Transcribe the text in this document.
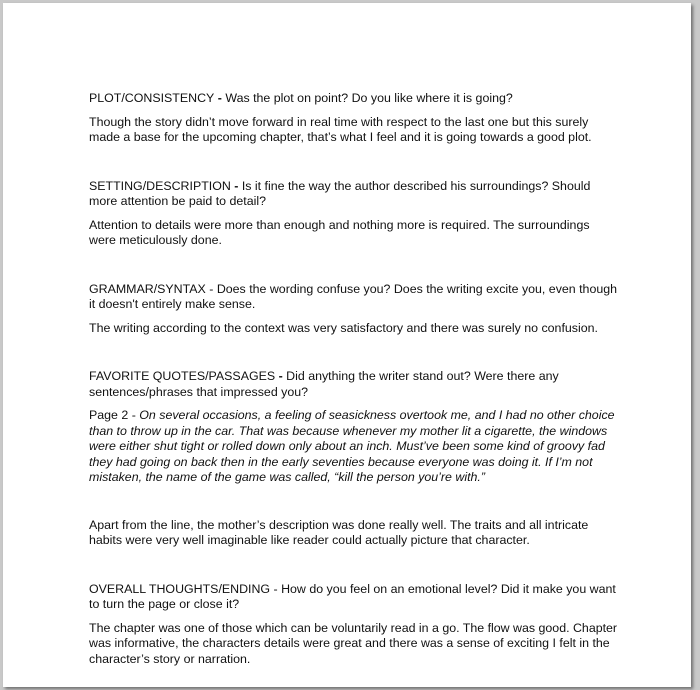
PLOT/CONSISTENCY - Was the plot on point? Do you like where it is going?

Though the story didn’t move forward in real time with respect to the last one but this surely made a base for the upcoming chapter, that’s what I feel and it is going towards a good plot.

SETTING/DESCRIPTION - Is it fine the way the author described his surroundings? Should more attention be paid to detail?

Attention to details were more than enough and nothing more is required. The surroundings were meticulously done.

GRAMMAR/SYNTAX - Does the wording confuse you? Does the writing excite you, even though it doesn't entirely make sense.

The writing according to the context was very satisfactory and there was surely no confusion.

FAVORITE QUOTES/PASSAGES - Did anything the writer stand out? Were there any sentences/phrases that impressed you?

Page 2 - On several occasions, a feeling of seasickness overtook me, and I had no other choice than to throw up in the car. That was because whenever my mother lit a cigarette, the windows were either shut tight or rolled down only about an inch. Must’ve been some kind of groovy fad they had going on back then in the early seventies because everyone was doing it. If I’m not mistaken, the name of the game was called, “kill the person you’re with.”

Apart from the line, the mother’s description was done really well. The traits and all intricate habits were very well imaginable like reader could actually picture that character.

OVERALL THOUGHTS/ENDING - How do you feel on an emotional level? Did it make you want to turn the page or close it?

The chapter was one of those which can be voluntarily read in a go. The flow was good. Chapter was informative, the characters details were great and there was a sense of exciting I felt in the character’s story or narration.
